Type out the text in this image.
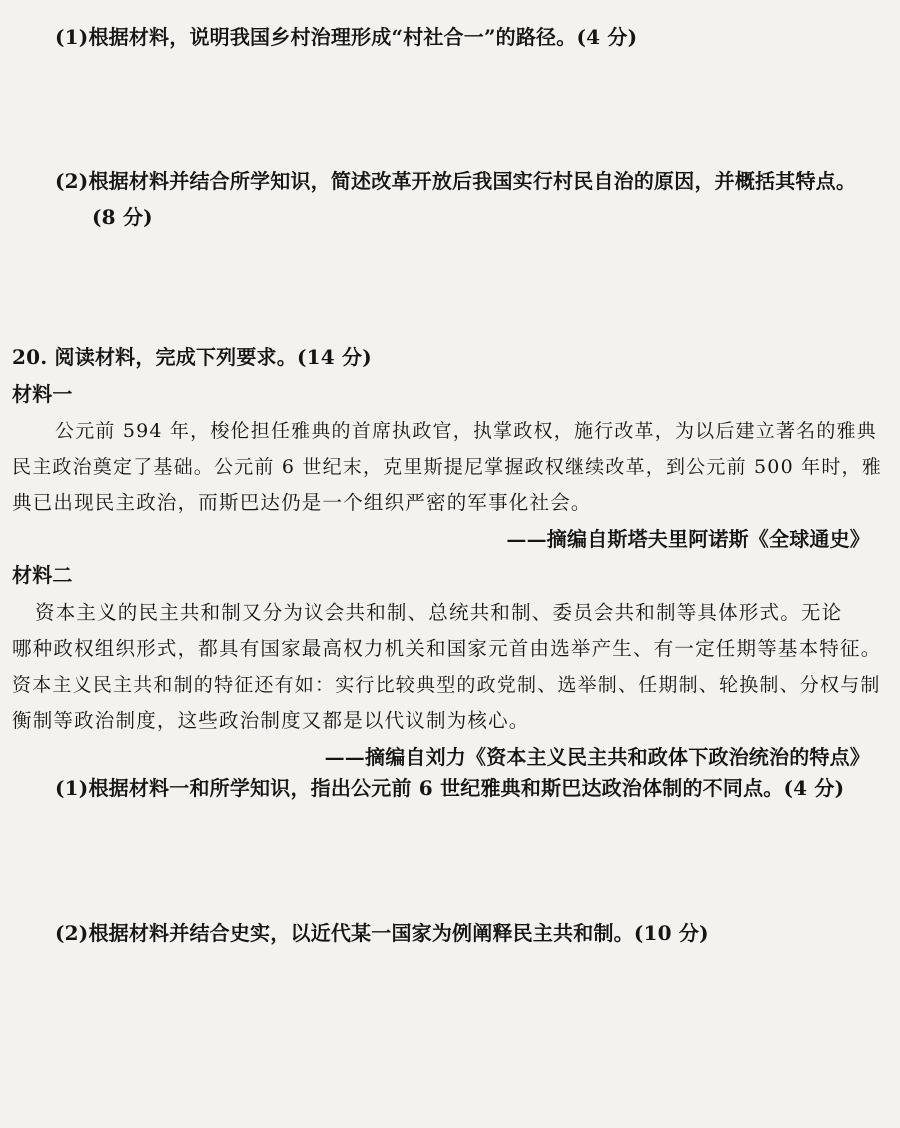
(1)根据材料，说明我国乡村治理形成“村社合一”的路径。(4 分)
(2)根据材料并结合所学知识，简述改革开放后我国实行村民自治的原因，并概括其特点。
(8 分)
20. 阅读材料，完成下列要求。(14 分)
材料一
公元前 594 年，梭伦担任雅典的首席执政官，执掌政权，施行改革，为以后建立著名的雅典
民主政治奠定了基础。公元前 6 世纪末，克里斯提尼掌握政权继续改革，到公元前 500 年时，雅
典已出现民主政治，而斯巴达仍是一个组织严密的军事化社会。
——摘编自斯塔夫里阿诺斯《全球通史》
材料二
资本主义的民主共和制又分为议会共和制、总统共和制、委员会共和制等具体形式。无论
哪种政权组织形式，都具有国家最高权力机关和国家元首由选举产生、有一定任期等基本特征。
资本主义民主共和制的特征还有如：实行比较典型的政党制、选举制、任期制、轮换制、分权与制
衡制等政治制度，这些政治制度又都是以代议制为核心。
——摘编自刘力《资本主义民主共和政体下政治统治的特点》
(1)根据材料一和所学知识，指出公元前 6 世纪雅典和斯巴达政治体制的不同点。(4 分)
(2)根据材料并结合史实，以近代某一国家为例阐释民主共和制。(10 分)
